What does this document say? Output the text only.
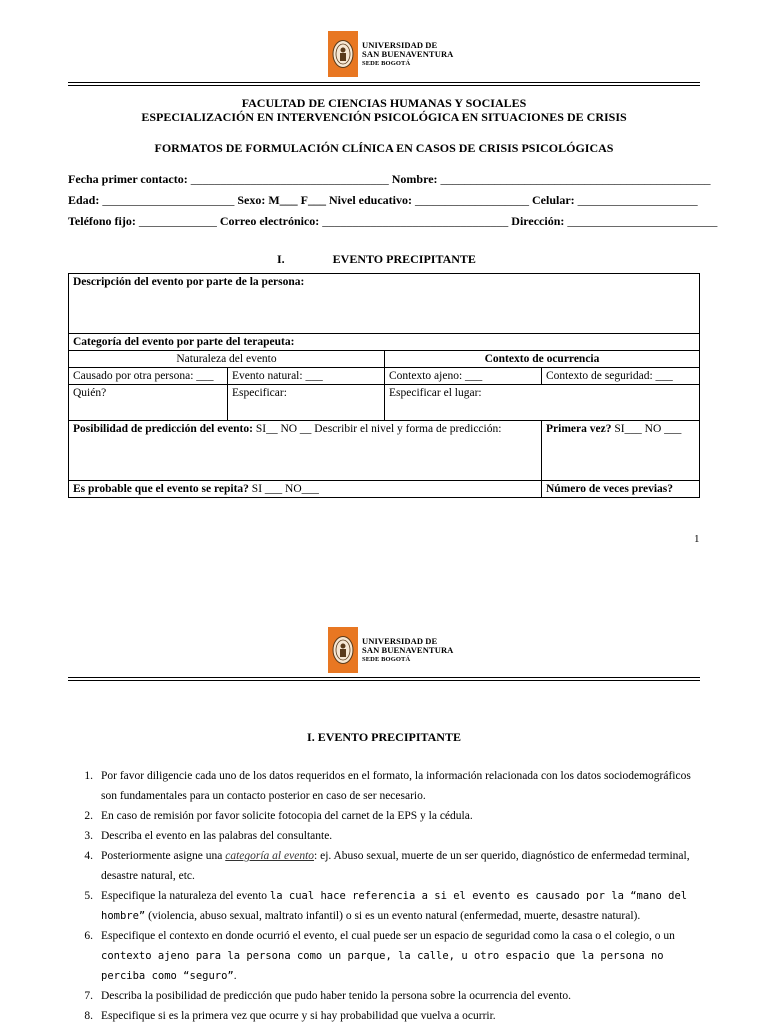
UNIVERSIDAD DE
SAN BUENAVENTURA
SEDE BOGOTÁ
FACULTAD DE CIENCIAS HUMANAS Y SOCIALES
ESPECIALIZACIÓN EN INTERVENCIÓN PSICOLÓGICA EN SITUACIONES DE CRISIS
FORMATOS DE FORMULACIÓN CLÍNICA EN CASOS DE CRISIS PSICOLÓGICAS
Fecha primer contacto: _________________________________ Nombre: _____________________________________________
Edad: ______________________ Sexo: M___ F___ Nivel educativo: ___________________ Celular: ____________________
Teléfono fijo: _____________ Correo electrónico: _______________________________ Dirección: _________________________
I.	EVENTO PRECIPITANTE
Descripción del evento por parte de la persona:			
Categoría del evento por parte del terapeuta:			
Naturaleza del evento		Contexto de ocurrencia	
Causado por otra persona: ___	Evento natural: ___	Contexto ajeno: ___	Contexto de seguridad: ___
Quién?	Especificar:	Especificar el lugar:	
Posibilidad de predicción del evento: SI__ NO __ Describir el nivel y forma de predicción:			Primera vez? SI___ NO ___
Es probable que el evento se repita? SI ___ NO___			Número de veces previas?
1
UNIVERSIDAD DE
SAN BUENAVENTURA
SEDE BOGOTÁ
I. EVENTO PRECIPITANTE
1. Por favor diligencie cada uno de los datos requeridos en el formato, la información relacionada con los datos sociodemográficos son fundamentales para un contacto posterior en caso de ser necesario.
2. En caso de remisión por favor solicite fotocopia del carnet de la EPS y la cédula.
3. Describa el evento en las palabras del consultante.
4. Posteriormente asigne una categoría al evento: ej. Abuso sexual, muerte de un ser querido, diagnóstico de enfermedad terminal, desastre natural, etc.
5. Especifique la naturaleza del evento la cual hace referencia a si el evento es causado por la “mano del hombre” (violencia, abuso sexual, maltrato infantil) o si es un evento natural (enfermedad, muerte, desastre natural).
6. Especifique el contexto en donde ocurrió el evento, el cual puede ser un espacio de seguridad como la casa o el colegio, o un contexto ajeno para la persona como un parque, la calle, u otro espacio que la persona no perciba como “seguro”.
7. Describa la posibilidad de predicción que pudo haber tenido la persona sobre la ocurrencia del evento.
8. Especifique si es la primera vez que ocurre y si hay probabilidad que vuelva a ocurrir.
